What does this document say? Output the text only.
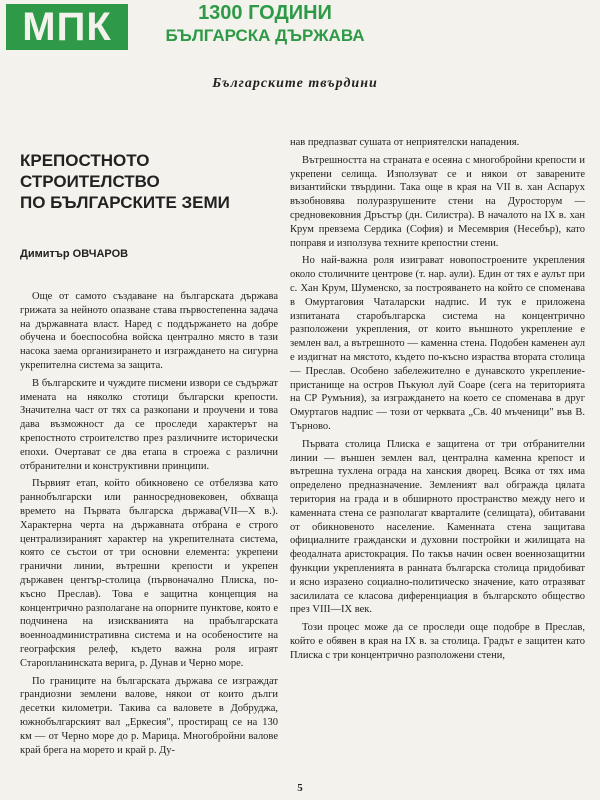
МПК	1300 ГОДИНИ
БЪЛГАРСКА ДЪРЖАВА
Българските твърдини
КРЕПОСТНОТО
СТРОИТЕЛСТВО
ПО БЪЛГАРСКИТЕ ЗЕМИ
Димитър ОВЧАРОВ

Още от самото създаване на българската държава грижата за нейното опазване става първостепенна задача на държавната власт. Наред с поддържането на добре обучена и боеспособна войска централно място в тази насока заема организирането и изграждането на сигурна укрепителна система за защита.

В българските и чуждите писмени извори се съдържат имената на няколко стотици български крепости. Значителна част от тях са разкопани и проучени и това дава възможност да се проследи характерът на крепостното строителство през различните исторически епохи. Очертават се два етапа в строежа с различни отбранителни и конструктивни принципи.

Първият етап, който обикновено се отбелязва като раннобългарски или ранносредновековен, обхваща времето на Първата българска държава(VII—X в.). Характерна черта на държавната отбрана е строго централизираният характер на укрепителната система, която се състои от три основни елемента: укрепени гранични линии, вътрешни крепости и укрепен държавен център-столица (първоначално Плиска, по-късно Преслав). Това е защитна концепция на концентрично разполагане на опорните пунктове, която е подчинена на изискванията на прабългарската военноадминистративна система и на особеностите на географския релеф, където важна роля играят Старопланинската верига, р. Дунав и Черно море.

По границите на българската държава се изграждат грандиозни землени валове, някои от които дълги десетки километри. Такива са валовете в Добруджа, южнобългарският вал „Еркесия", простиращ се на 130 км — от Черно море до р. Марица. Многобройни валове край брега на морето и край р. Ду-

нав предпазват сушата от неприятелски нападения.

Вътрешността на страната е осеяна с многобройни крепости и укрепени селища. Използуват се и някои от заварените византийски твърдини. Така още в края на VII в. хан Аспарух възобновява полуразрушените стени на Дуросторум — средновековния Дръстър (дн. Силистра). В началото на IX в. хан Крум превзема Сердика (София) и Месемврия (Несебър), като поправя и използува техните крепостни стени.

Но най-важна роля изиграват новопостроените укрепления около столичните центрове (т. нар. аули). Един от тях е аулът при с. Хан Крум, Шуменско, за построяването на който се споменава в Омуртаговия Чаталарски надпис. И тук е приложена изпитаната старобългарска система на концентрично разположени укрепления, от които външното укрепление е землен вал, а вътрешното — каменна стена. Подобен каменен аул е издигнат на мястото, където по-късно израства втората столица — Преслав. Особено забележително е дунавското укрепление-пристанище на остров Пъкуюл луй Соаре (сега на територията на СР Румъния), за изграждането на което се споменава в друг Омуртагов надпис — този от черквата „Св. 40 мъченици" във В. Търново.

Първата столица Плиска е защитена от три отбранителни линии — външен землен вал, централна каменна крепост и вътрешна тухлена ограда на ханския дворец. Всяка от тях има определено предназначение. Землeният вал обгражда цялата територия на града и в обширното пространство между него и каменната стена се разполагат кварталите (селищата), обитавани от обикновеното население. Каменната стена защитава официалните граждански и духовни постройки и жилищата на феодалната аристокрация. По такъв начин освен военнозащитни функции укрепленията в ранната българска столица придобиват и ясно изразено социално-политическо значение, като отразяват засилилата се класова диференциация в българското общество през VIII—IX век.

Този процес може да се проследи още подобре в Преслав, който е обявен в края на IX в. за столица. Градът е защитен като Плиска с три концентрично разположени стени,

5
